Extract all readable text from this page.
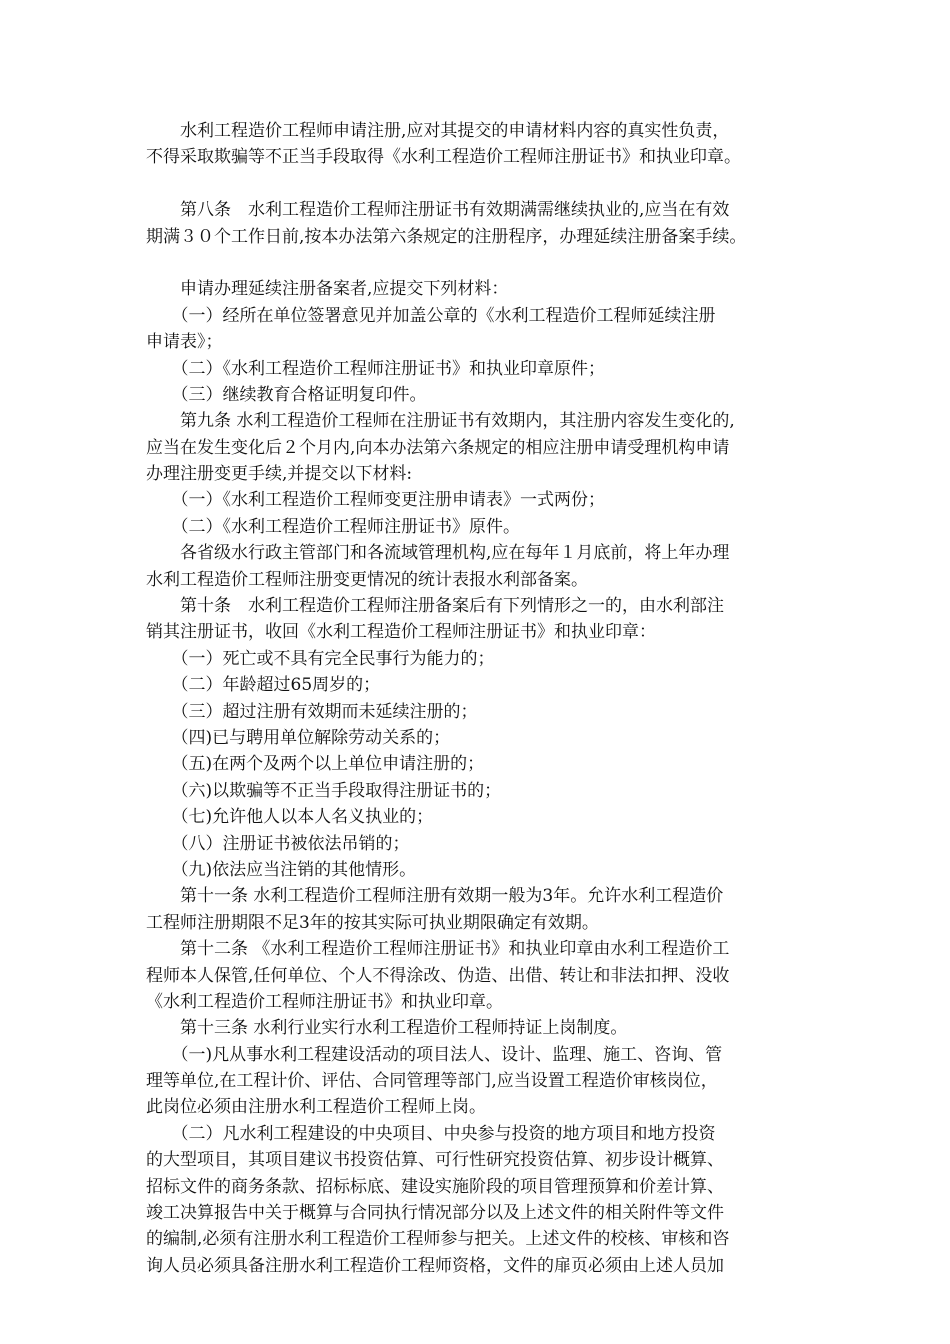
　　水利工程造价工程师申请注册,应对其提交的申请材料内容的真实性负责，
不得采取欺骗等不正当手段取得《水利工程造价工程师注册证书》和执业印章。
　　第八条　水利工程造价工程师注册证书有效期满需继续执业的,应当在有效
期满３０个工作日前,按本办法第六条规定的注册程序，办理延续注册备案手续。
　　申请办理延续注册备案者,应提交下列材料：
　　（一）经所在单位签署意见并加盖公章的《水利工程造价工程师延续注册
申请表》；
　　（二）《水利工程造价工程师注册证书》和执业印章原件；
　　（三）继续教育合格证明复印件。
　　第九条 水利工程造价工程师在注册证书有效期内，其注册内容发生变化的,
应当在发生变化后２个月内,向本办法第六条规定的相应注册申请受理机构申请
办理注册变更手续,并提交以下材料:
　　（一）《水利工程造价工程师变更注册申请表》一式两份；
　　（二）《水利工程造价工程师注册证书》原件。
　　各省级水行政主管部门和各流域管理机构,应在每年１月底前，将上年办理
水利工程造价工程师注册变更情况的统计表报水利部备案。
　　第十条　水利工程造价工程师注册备案后有下列情形之一的，由水利部注
销其注册证书，收回《水利工程造价工程师注册证书》和执业印章：
　　（一）死亡或不具有完全民事行为能力的；
　　（二）年龄超过65周岁的；
　　（三）超过注册有效期而未延续注册的；
　　（四)已与聘用单位解除劳动关系的；
　　（五)在两个及两个以上单位申请注册的；
　　（六)以欺骗等不正当手段取得注册证书的；
　　（七)允许他人以本人名义执业的；
　　（八）注册证书被依法吊销的；
　　（九)依法应当注销的其他情形。
　　第十一条 水利工程造价工程师注册有效期一般为3年。允许水利工程造价
工程师注册期限不足3年的按其实际可执业期限确定有效期。
　　第十二条 《水利工程造价工程师注册证书》和执业印章由水利工程造价工
程师本人保管,任何单位、个人不得涂改、伪造、出借、转让和非法扣押、没收
《水利工程造价工程师注册证书》和执业印章。
　　第十三条 水利行业实行水利工程造价工程师持证上岗制度。
　　（一)凡从事水利工程建设活动的项目法人、设计、监理、施工、咨询、管
理等单位,在工程计价、评估、合同管理等部门,应当设置工程造价审核岗位，
此岗位必须由注册水利工程造价工程师上岗。
　　（二）凡水利工程建设的中央项目、中央参与投资的地方项目和地方投资
的大型项目，其项目建议书投资估算、可行性研究投资估算、初步设计概算、
招标文件的商务条款、招标标底、建设实施阶段的项目管理预算和价差计算、
竣工决算报告中关于概算与合同执行情况部分以及上述文件的相关附件等文件
的编制,必须有注册水利工程造价工程师参与把关。上述文件的校核、审核和咨
询人员必须具备注册水利工程造价工程师资格，文件的扉页必须由上述人员加
